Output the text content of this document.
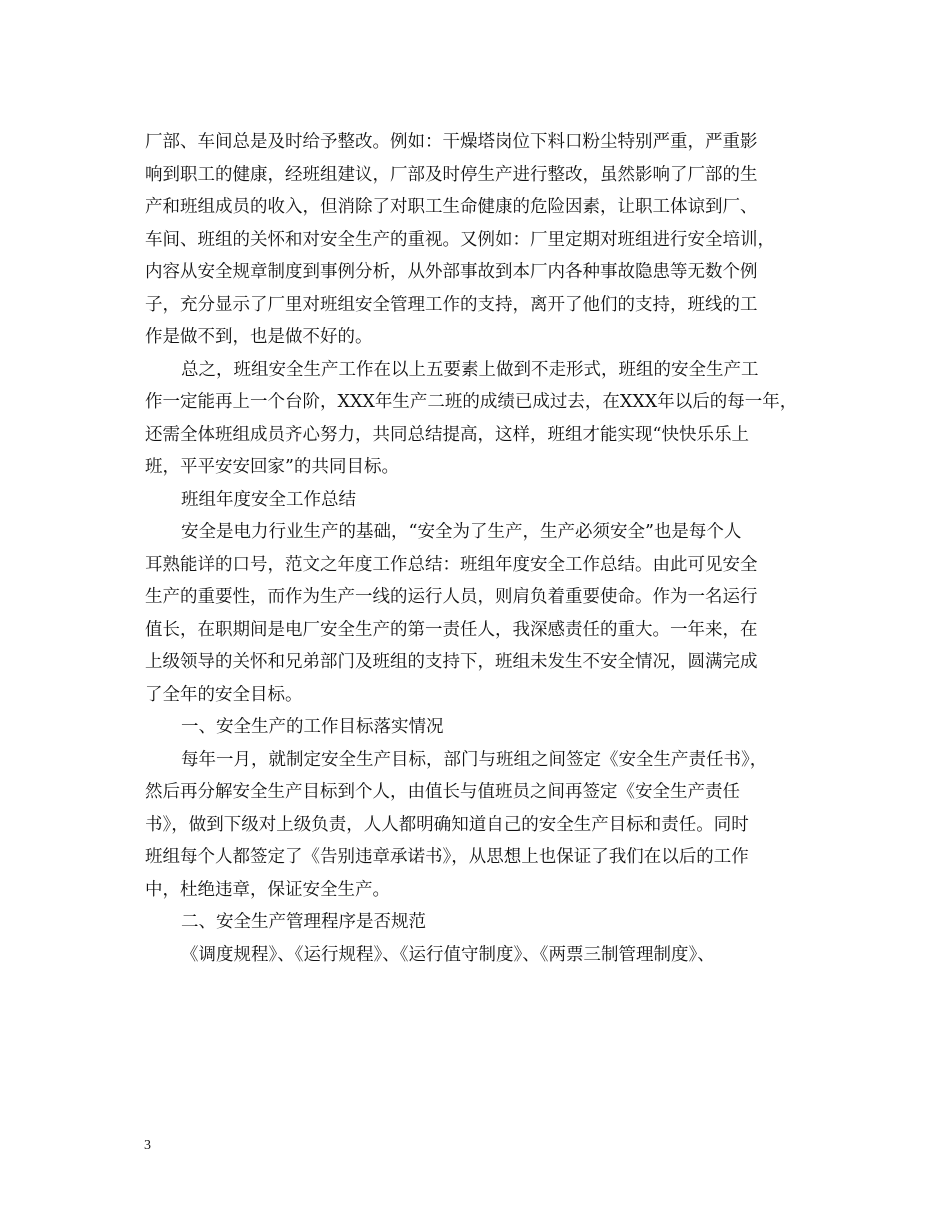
厂部、车间总是及时给予整改。例如：干燥塔岗位下料口粉尘特别严重，严重影
响到职工的健康，经班组建议，厂部及时停生产进行整改，虽然影响了厂部的生
产和班组成员的收入，但消除了对职工生命健康的危险因素，让职工体谅到厂、
车间、班组的关怀和对安全生产的重视。又例如：厂里定期对班组进行安全培训，
内容从安全规章制度到事例分析，从外部事故到本厂内各种事故隐患等无数个例
子，充分显示了厂里对班组安全管理工作的支持，离开了他们的支持，班线的工
作是做不到，也是做不好的。
总之，班组安全生产工作在以上五要素上做到不走形式，班组的安全生产工
作一定能再上一个台阶，XXX年生产二班的成绩已成过去，在XXX年以后的每一年，
还需全体班组成员齐心努力，共同总结提高，这样，班组才能实现“快快乐乐上
班，平平安安回家”的共同目标。
班组年度安全工作总结
安全是电力行业生产的基础，“安全为了生产，生产必须安全”也是每个人
耳熟能详的口号，范文之年度工作总结：班组年度安全工作总结。由此可见安全
生产的重要性，而作为生产一线的运行人员，则肩负着重要使命。作为一名运行
值长，在职期间是电厂安全生产的第一责任人，我深感责任的重大。一年来，在
上级领导的关怀和兄弟部门及班组的支持下，班组未发生不安全情况，圆满完成
了全年的安全目标。
一、安全生产的工作目标落实情况
每年一月，就制定安全生产目标，部门与班组之间签定《安全生产责任书》，
然后再分解安全生产目标到个人，由值长与值班员之间再签定《安全生产责任
书》，做到下级对上级负责，人人都明确知道自己的安全生产目标和责任。同时
班组每个人都签定了《告别违章承诺书》，从思想上也保证了我们在以后的工作
中，杜绝违章，保证安全生产。
二、安全生产管理程序是否规范
《调度规程》、《运行规程》、《运行值守制度》、《两票三制管理制度》、
3
